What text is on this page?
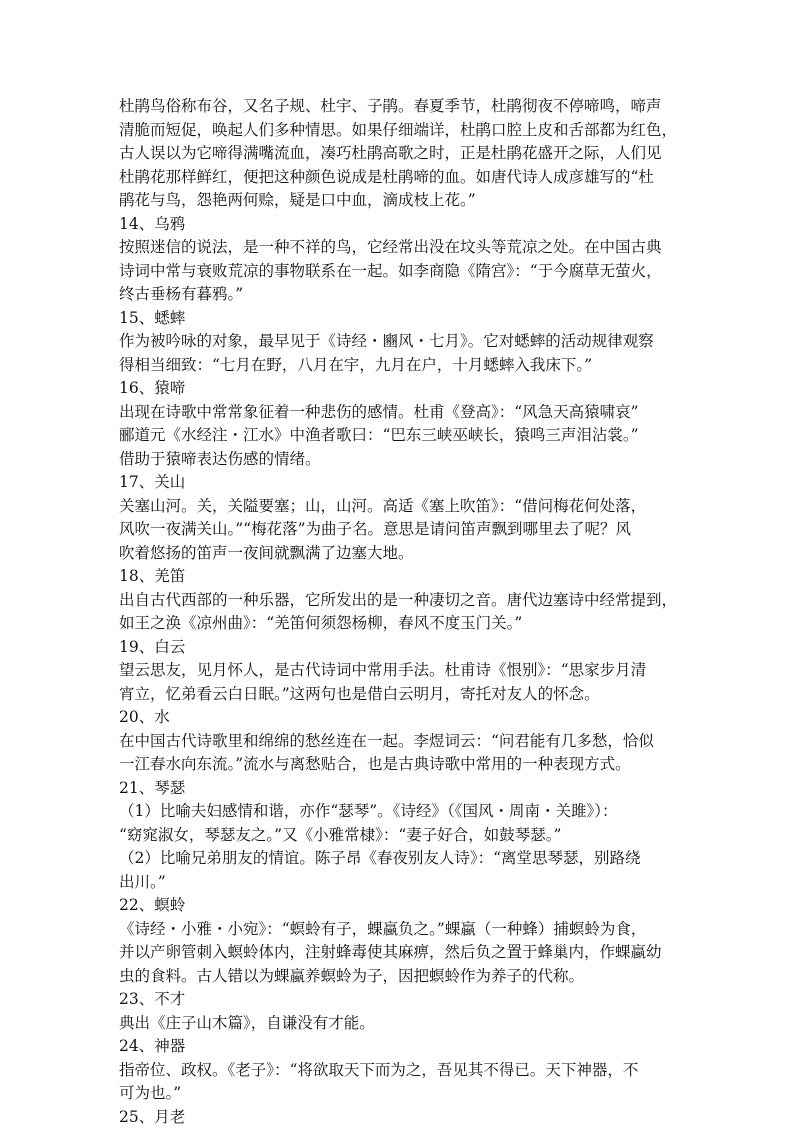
杜鹃鸟俗称布谷，又名子规、杜宇、子鹃。春夏季节，杜鹃彻夜不停啼鸣，啼声
清脆而短促，唤起人们多种情思。如果仔细端详，杜鹃口腔上皮和舌部都为红色，
古人误以为它啼得满嘴流血，凑巧杜鹃高歌之时，正是杜鹃花盛开之际，人们见
杜鹃花那样鲜红，便把这种颜色说成是杜鹃啼的血。如唐代诗人成彦雄写的“杜
鹃花与鸟，怨艳两何赊，疑是口中血，滴成枝上花。”
14、乌鸦
按照迷信的说法，是一种不祥的鸟，它经常出没在坟头等荒凉之处。在中国古典
诗词中常与衰败荒凉的事物联系在一起。如李商隐《隋宫》：“于今腐草无萤火，
终古垂杨有暮鸦。”
15、蟋蟀
作为被吟咏的对象，最早见于《诗经・豳风・七月》。它对蟋蟀的活动规律观察
得相当细致：“七月在野，八月在宇，九月在户，十月蟋蟀入我床下。”
16、猿啼
出现在诗歌中常常象征着一种悲伤的感情。杜甫《登高》：“风急天高猿啸哀”
郦道元《水经注・江水》中渔者歌曰：“巴东三峡巫峡长，猿鸣三声泪沾裳。”
借助于猿啼表达伤感的情绪。
17、关山
关塞山河。关，关隘要塞；山，山河。高适《塞上吹笛》：“借问梅花何处落，
风吹一夜满关山。”“梅花落”为曲子名。意思是请问笛声飘到哪里去了呢？风
吹着悠扬的笛声一夜间就飘满了边塞大地。
18、羌笛
出自古代西部的一种乐器，它所发出的是一种凄切之音。唐代边塞诗中经常提到，
如王之涣《凉州曲》：“羌笛何须怨杨柳，春风不度玉门关。”
19、白云
望云思友，见月怀人，是古代诗词中常用手法。杜甫诗《恨别》：“思家步月清
宵立，忆弟看云白日眠。”这两句也是借白云明月，寄托对友人的怀念。
20、水
在中国古代诗歌里和绵绵的愁丝连在一起。李煜词云：“问君能有几多愁，恰似
一江春水向东流。”流水与离愁贴合，也是古典诗歌中常用的一种表现方式。
21、琴瑟
（1）比喻夫妇感情和谐，亦作“瑟琴”。《诗经》（《国风・周南・关雎》）：
“窈窕淑女，琴瑟友之。”又《小雅常棣》：“妻子好合，如鼓琴瑟。”
（2）比喻兄弟朋友的情谊。陈子昂《春夜别友人诗》：“离堂思琴瑟，别路绕
出川。”
22、螟蛉
《诗经・小雅・小宛》：“螟蛉有子，蜾蠃负之。”蜾蠃（一种蜂）捕螟蛉为食，
并以产卵管刺入螟蛉体内，注射蜂毒使其麻痹，然后负之置于蜂巢内，作蜾蠃幼
虫的食料。古人错以为蜾蠃养螟蛉为子，因把螟蛉作为养子的代称。
23、不才
典出《庄子山木篇》，自谦没有才能。
24、神器
指帝位、政权。《老子》：“将欲取天下而为之，吾见其不得已。天下神器，不
可为也。”
25、月老
